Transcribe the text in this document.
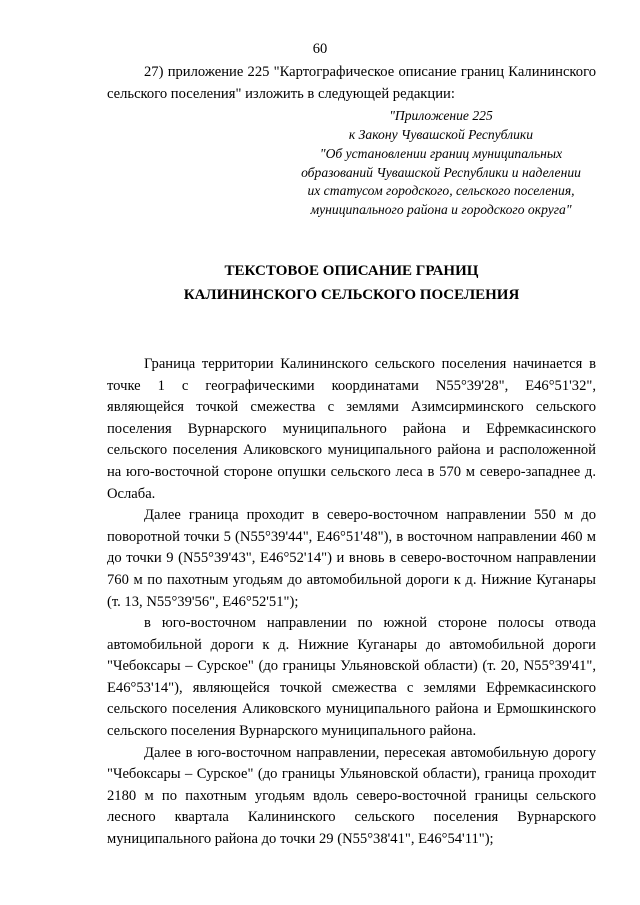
60

27) приложение 225 "Картографическое описание границ Калининского сельского поселения" изложить в следующей редакции:

"Приложение 225
к Закону Чувашской Республики
"Об установлении границ муниципальных
образований Чувашской Республики и наделении
их статусом городского, сельского поселения,
муниципального района и городского округа"
ТЕКСТОВОЕ ОПИСАНИЕ ГРАНИЦ
КАЛИНИНСКОГО СЕЛЬСКОГО ПОСЕЛЕНИЯ

Граница территории Калининского сельского поселения начинается в точке 1 с географическими координатами N55°39'28", E46°51'32", являющейся точкой смежества с землями Азимсирминского сельского поселения Вурнарского муниципального района и Ефремкасинского сельского поселения Аликовского муниципального района и расположенной на юго-восточной стороне опушки сельского леса в 570 м северо-западнее д. Ослаба.

Далее граница проходит в северо-восточном направлении 550 м до поворотной точки 5 (N55°39'44", E46°51'48"), в восточном направлении 460 м до точки 9 (N55°39'43", E46°52'14") и вновь в северо-восточном направлении 760 м по пахотным угодьям до автомобильной дороги к д. Нижние Куганары (т. 13, N55°39'56", E46°52'51");

в юго-восточном направлении по южной стороне полосы отвода автомобильной дороги к д. Нижние Куганары до автомобильной дороги "Чебоксары – Сурское" (до границы Ульяновской области) (т. 20, N55°39'41", E46°53'14"), являющейся точкой смежества с землями Ефремкасинского сельского поселения Аликовского муниципального района и Ермошкинского сельского поселения Вурнарского муниципального района.

Далее в юго-восточном направлении, пересекая автомобильную дорогу "Чебоксары – Сурское" (до границы Ульяновской области), граница проходит 2180 м по пахотным угодьям вдоль северо-восточной границы сельского лесного квартала Калининского сельского поселения Вурнарского муниципального района до точки 29 (N55°38'41", E46°54'11");
